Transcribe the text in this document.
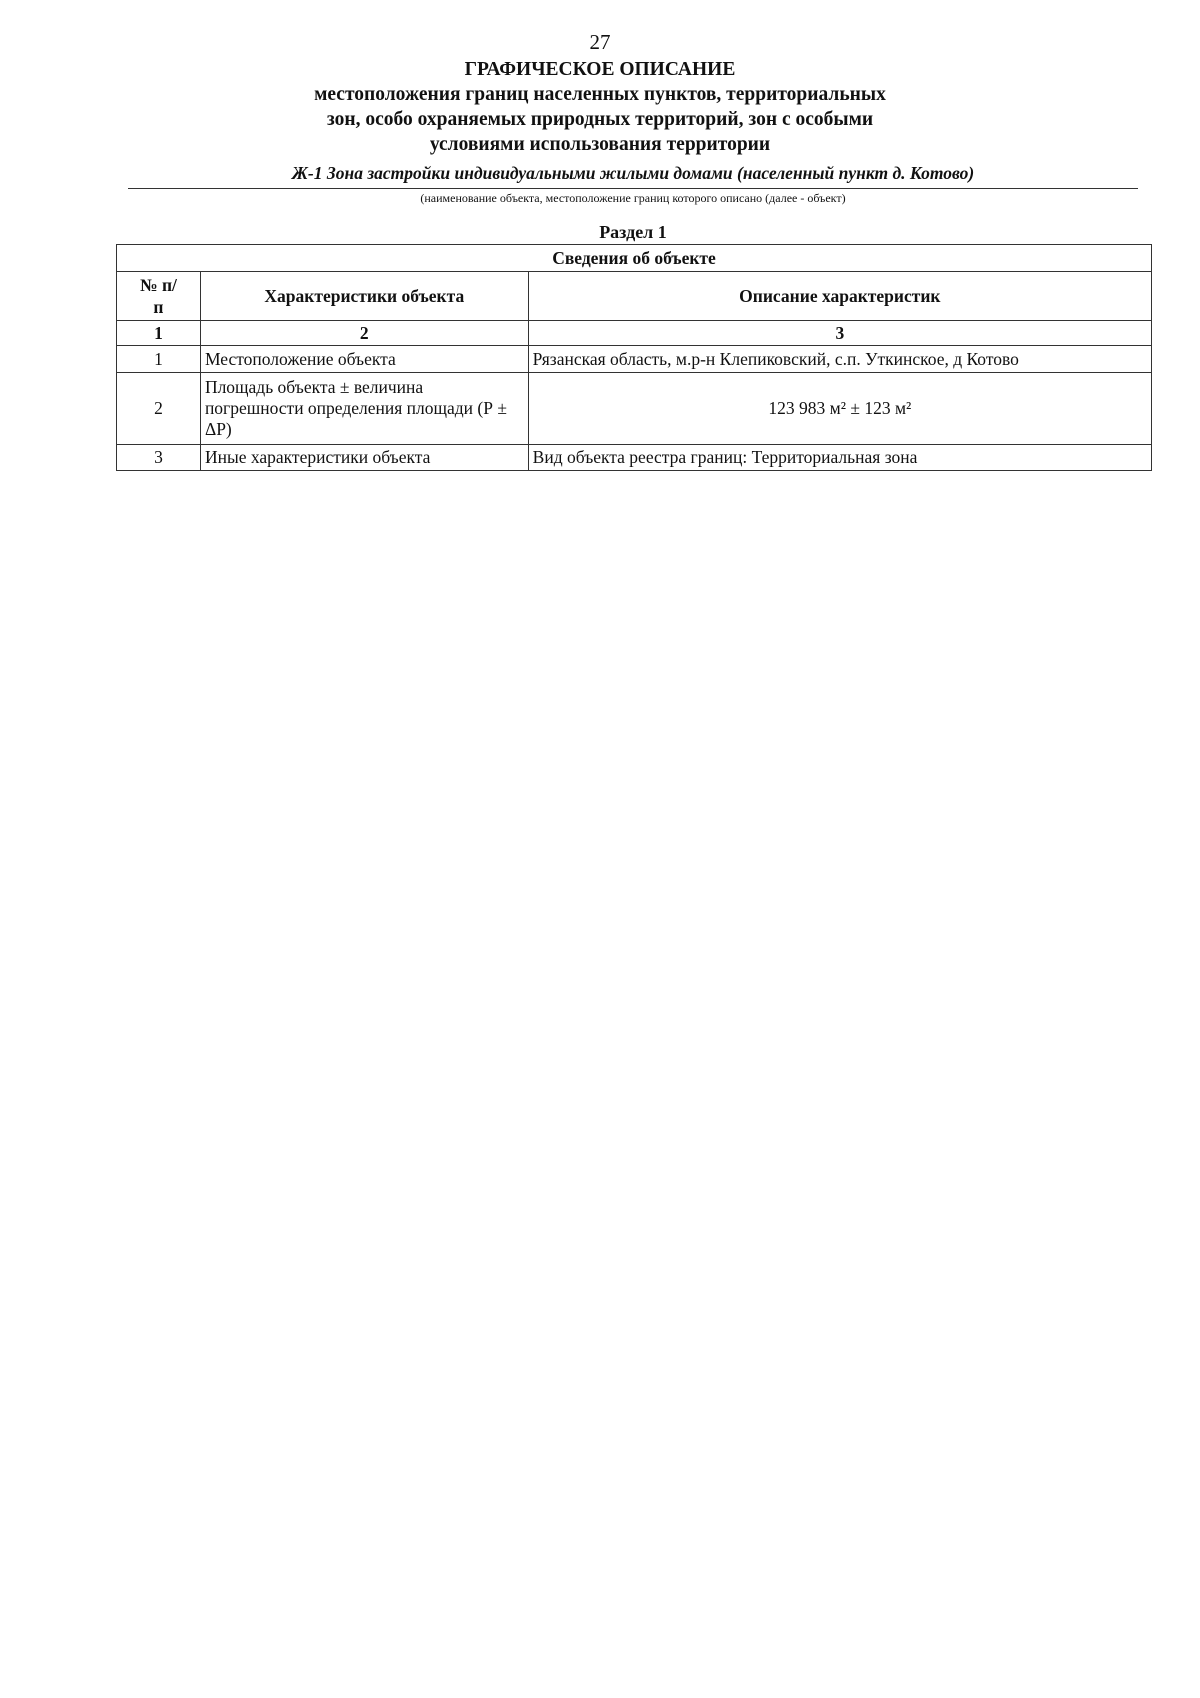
27
ГРАФИЧЕСКОЕ ОПИСАНИЕ
местоположения границ населенных пунктов, территориальных
зон, особо охраняемых природных территорий, зон с особыми
условиями использования территории
Ж-1 Зона застройки индивидуальными жилыми домами (населенный пункт д. Котово)
(наименование объекта, местоположение границ которого описано (далее - объект)
Раздел 1
Сведения об объекте		
№ п/п	Характеристики объекта	Описание характеристик
1	2	3
1	Местоположение объекта	Рязанская область, м.р-н Клепиковский, с.п. Уткинское, д Котово
2	Площадь объекта ± величина погрешности определения площади (Р ± ΔР)	123 983 м² ± 123 м²
3	Иные характеристики объекта	Вид объекта реестра границ: Территориальная зона
